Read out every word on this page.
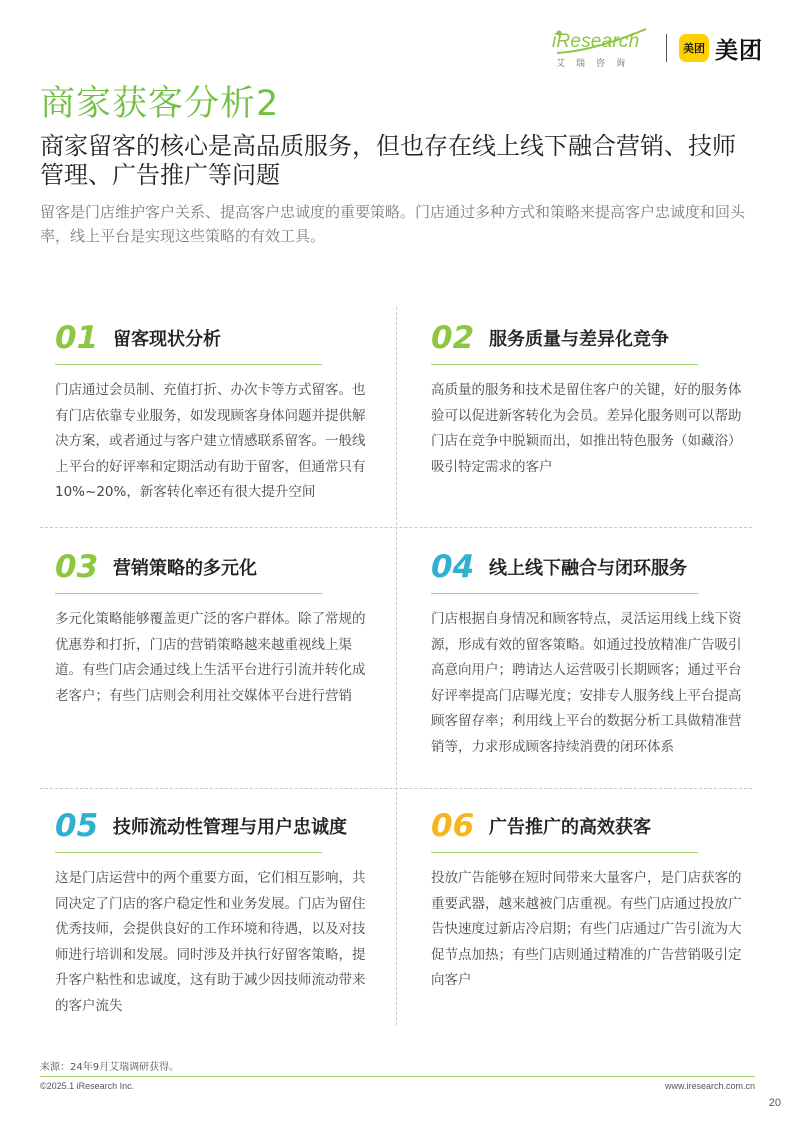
iResearch
艾瑞咨询
美团 美团
商家获客分析2
商家留客的核心是高品质服务，但也存在线上线下融合营销、技师管理、广告推广等问题
留客是门店维护客户关系、提高客户忠诚度的重要策略。门店通过多种方式和策略来提高客户忠诚度和回头率，线上平台是实现这些策略的有效工具。
01 留客现状分析
门店通过会员制、充值打折、办次卡等方式留客。也有门店依靠专业服务，如发现顾客身体问题并提供解决方案，或者通过与客户建立情感联系留客。一般线上平台的好评率和定期活动有助于留客，但通常只有10%~20%，新客转化率还有很大提升空间
02 服务质量与差异化竞争
高质量的服务和技术是留住客户的关键，好的服务体验可以促进新客转化为会员。差异化服务则可以帮助门店在竞争中脱颖而出，如推出特色服务（如藏浴）吸引特定需求的客户
03 营销策略的多元化
多元化策略能够覆盖更广泛的客户群体。除了常规的优惠券和打折，门店的营销策略越来越重视线上渠道。有些门店会通过线上生活平台进行引流并转化成老客户；有些门店则会利用社交媒体平台进行营销
04 线上线下融合与闭环服务
门店根据自身情况和顾客特点，灵活运用线上线下资源，形成有效的留客策略。如通过投放精准广告吸引高意向用户；聘请达人运营吸引长期顾客；通过平台好评率提高门店曝光度；安排专人服务线上平台提高顾客留存率；利用线上平台的数据分析工具做精准营销等，力求形成顾客持续消费的闭环体系
05 技师流动性管理与用户忠诚度
这是门店运营中的两个重要方面，它们相互影响，共同决定了门店的客户稳定性和业务发展。门店为留住优秀技师，会提供良好的工作环境和待遇，以及对技师进行培训和发展。同时涉及并执行好留客策略，提升客户粘性和忠诚度，这有助于减少因技师流动带来的客户流失
06 广告推广的高效获客
投放广告能够在短时间带来大量客户，是门店获客的重要武器，越来越被门店重视。有些门店通过投放广告快速度过新店冷启期；有些门店通过广告引流为大促节点加热；有些门店则通过精准的广告营销吸引定向客户
来源：24年9月艾瑞调研获得。
©2025.1 iResearch Inc.	www.iresearch.com.cn
20
